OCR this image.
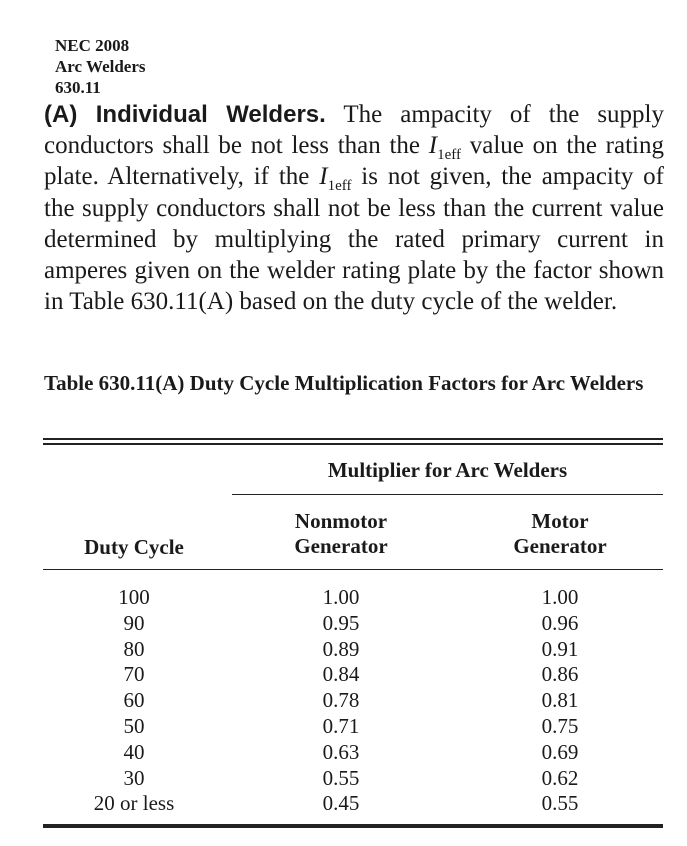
NEC 2008
Arc Welders
630.11
(A) Individual Welders. The ampacity of the supply conductors shall be not less than the $I_{1eff}$ value on the rating plate. Alternatively, if the $I_{1eff}$ is not given, the ampacity of the supply conductors shall not be less than the current value determined by multiplying the rated primary current in amperes given on the welder rating plate by the factor shown in Table 630.11(A) based on the duty cycle of the welder.
Table 630.11(A) Duty Cycle Multiplication Factors for Arc Welders
Multiplier for Arc Welders
Duty Cycle
Nonmotor
Generator
Motor
Generator
100
90
80
70
60
50
40
30
20 or less
1.00
0.95
0.89
0.84
0.78
0.71
0.63
0.55
0.45
1.00
0.96
0.91
0.86
0.81
0.75
0.69
0.62
0.55
